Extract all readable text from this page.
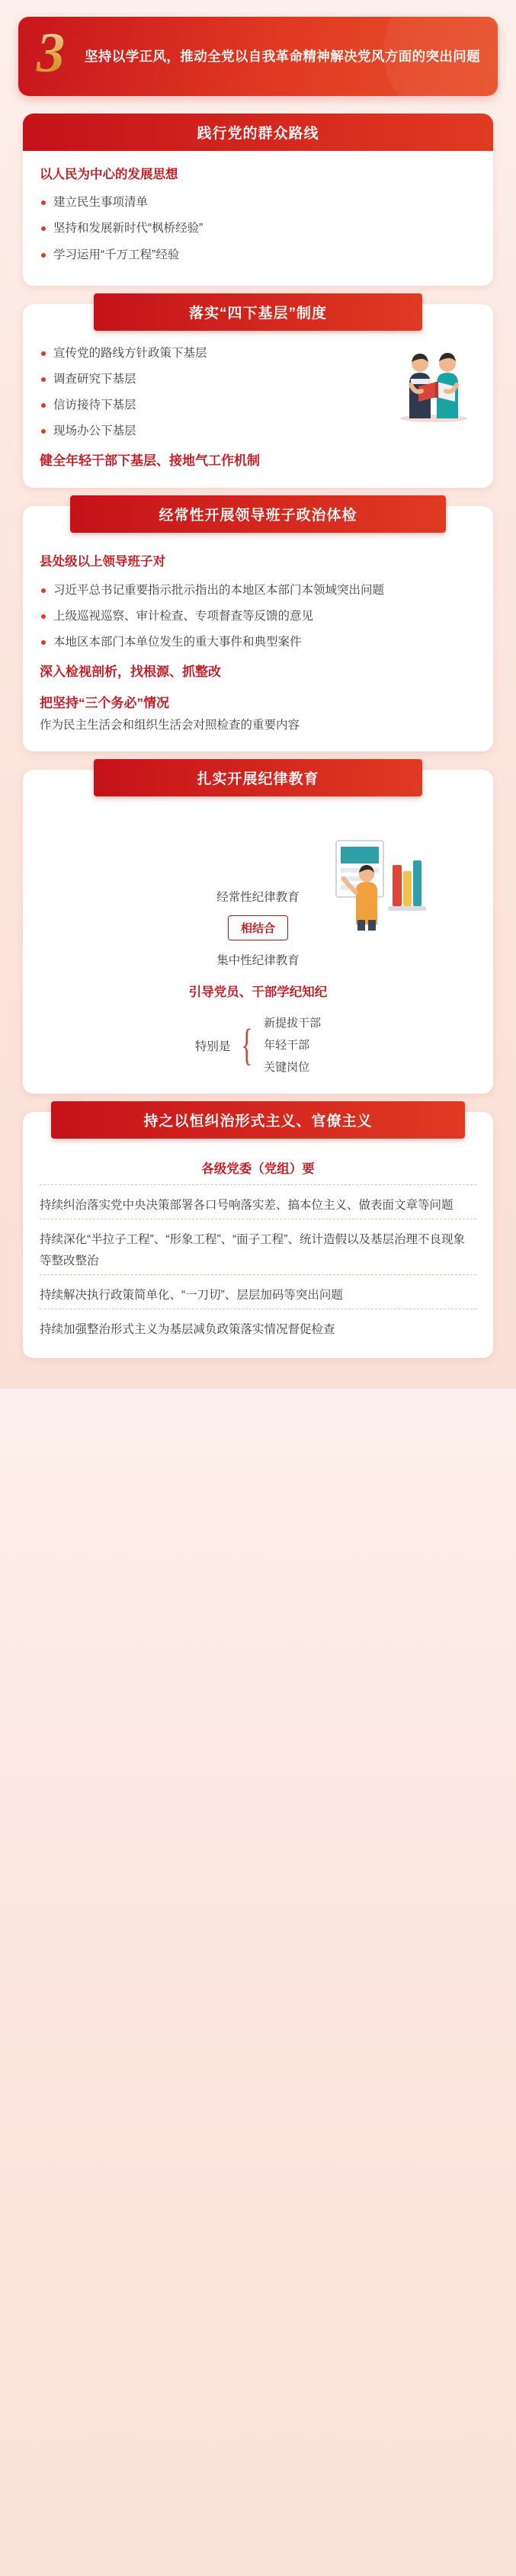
3	坚持以学正风，推动全党以自我革命精神解决党风方面的突出问题
践行党的群众路线
以人民为中心的发展思想
建立民生事项清单
坚持和发展新时代“枫桥经验”
学习运用“千万工程”经验
落实“四下基层”制度
宣传党的路线方针政策下基层
调查研究下基层
信访接待下基层
现场办公下基层
健全年轻干部下基层、接地气工作机制
经常性开展领导班子政治体检
县处级以上领导班子对
习近平总书记重要指示批示指出的本地区本部门本领域突出问题
上级巡视巡察、审计检查、专项督查等反馈的意见
本地区本部门本单位发生的重大事件和典型案件
深入检视剖析，找根源、抓整改
把坚持“三个务必”情况
作为民主生活会和组织生活会对照检查的重要内容
扎实开展纪律教育
经常性纪律教育
相结合
集中性纪律教育
引导党员、干部学纪知纪
特别是 { 新提拔干部
年轻干部
关键岗位
持之以恒纠治形式主义、官僚主义
各级党委（党组）要
持续纠治落实党中央决策部署各口号响落实差、搞本位主义、做表面文章等问题
持续深化“半拉子工程”、“形象工程”、“面子工程”、统计造假以及基层治理不良现象等整改整治
持续解决执行政策简单化、“一刀切”、层层加码等突出问题
持续加强整治形式主义为基层减负政策落实情况督促检查
